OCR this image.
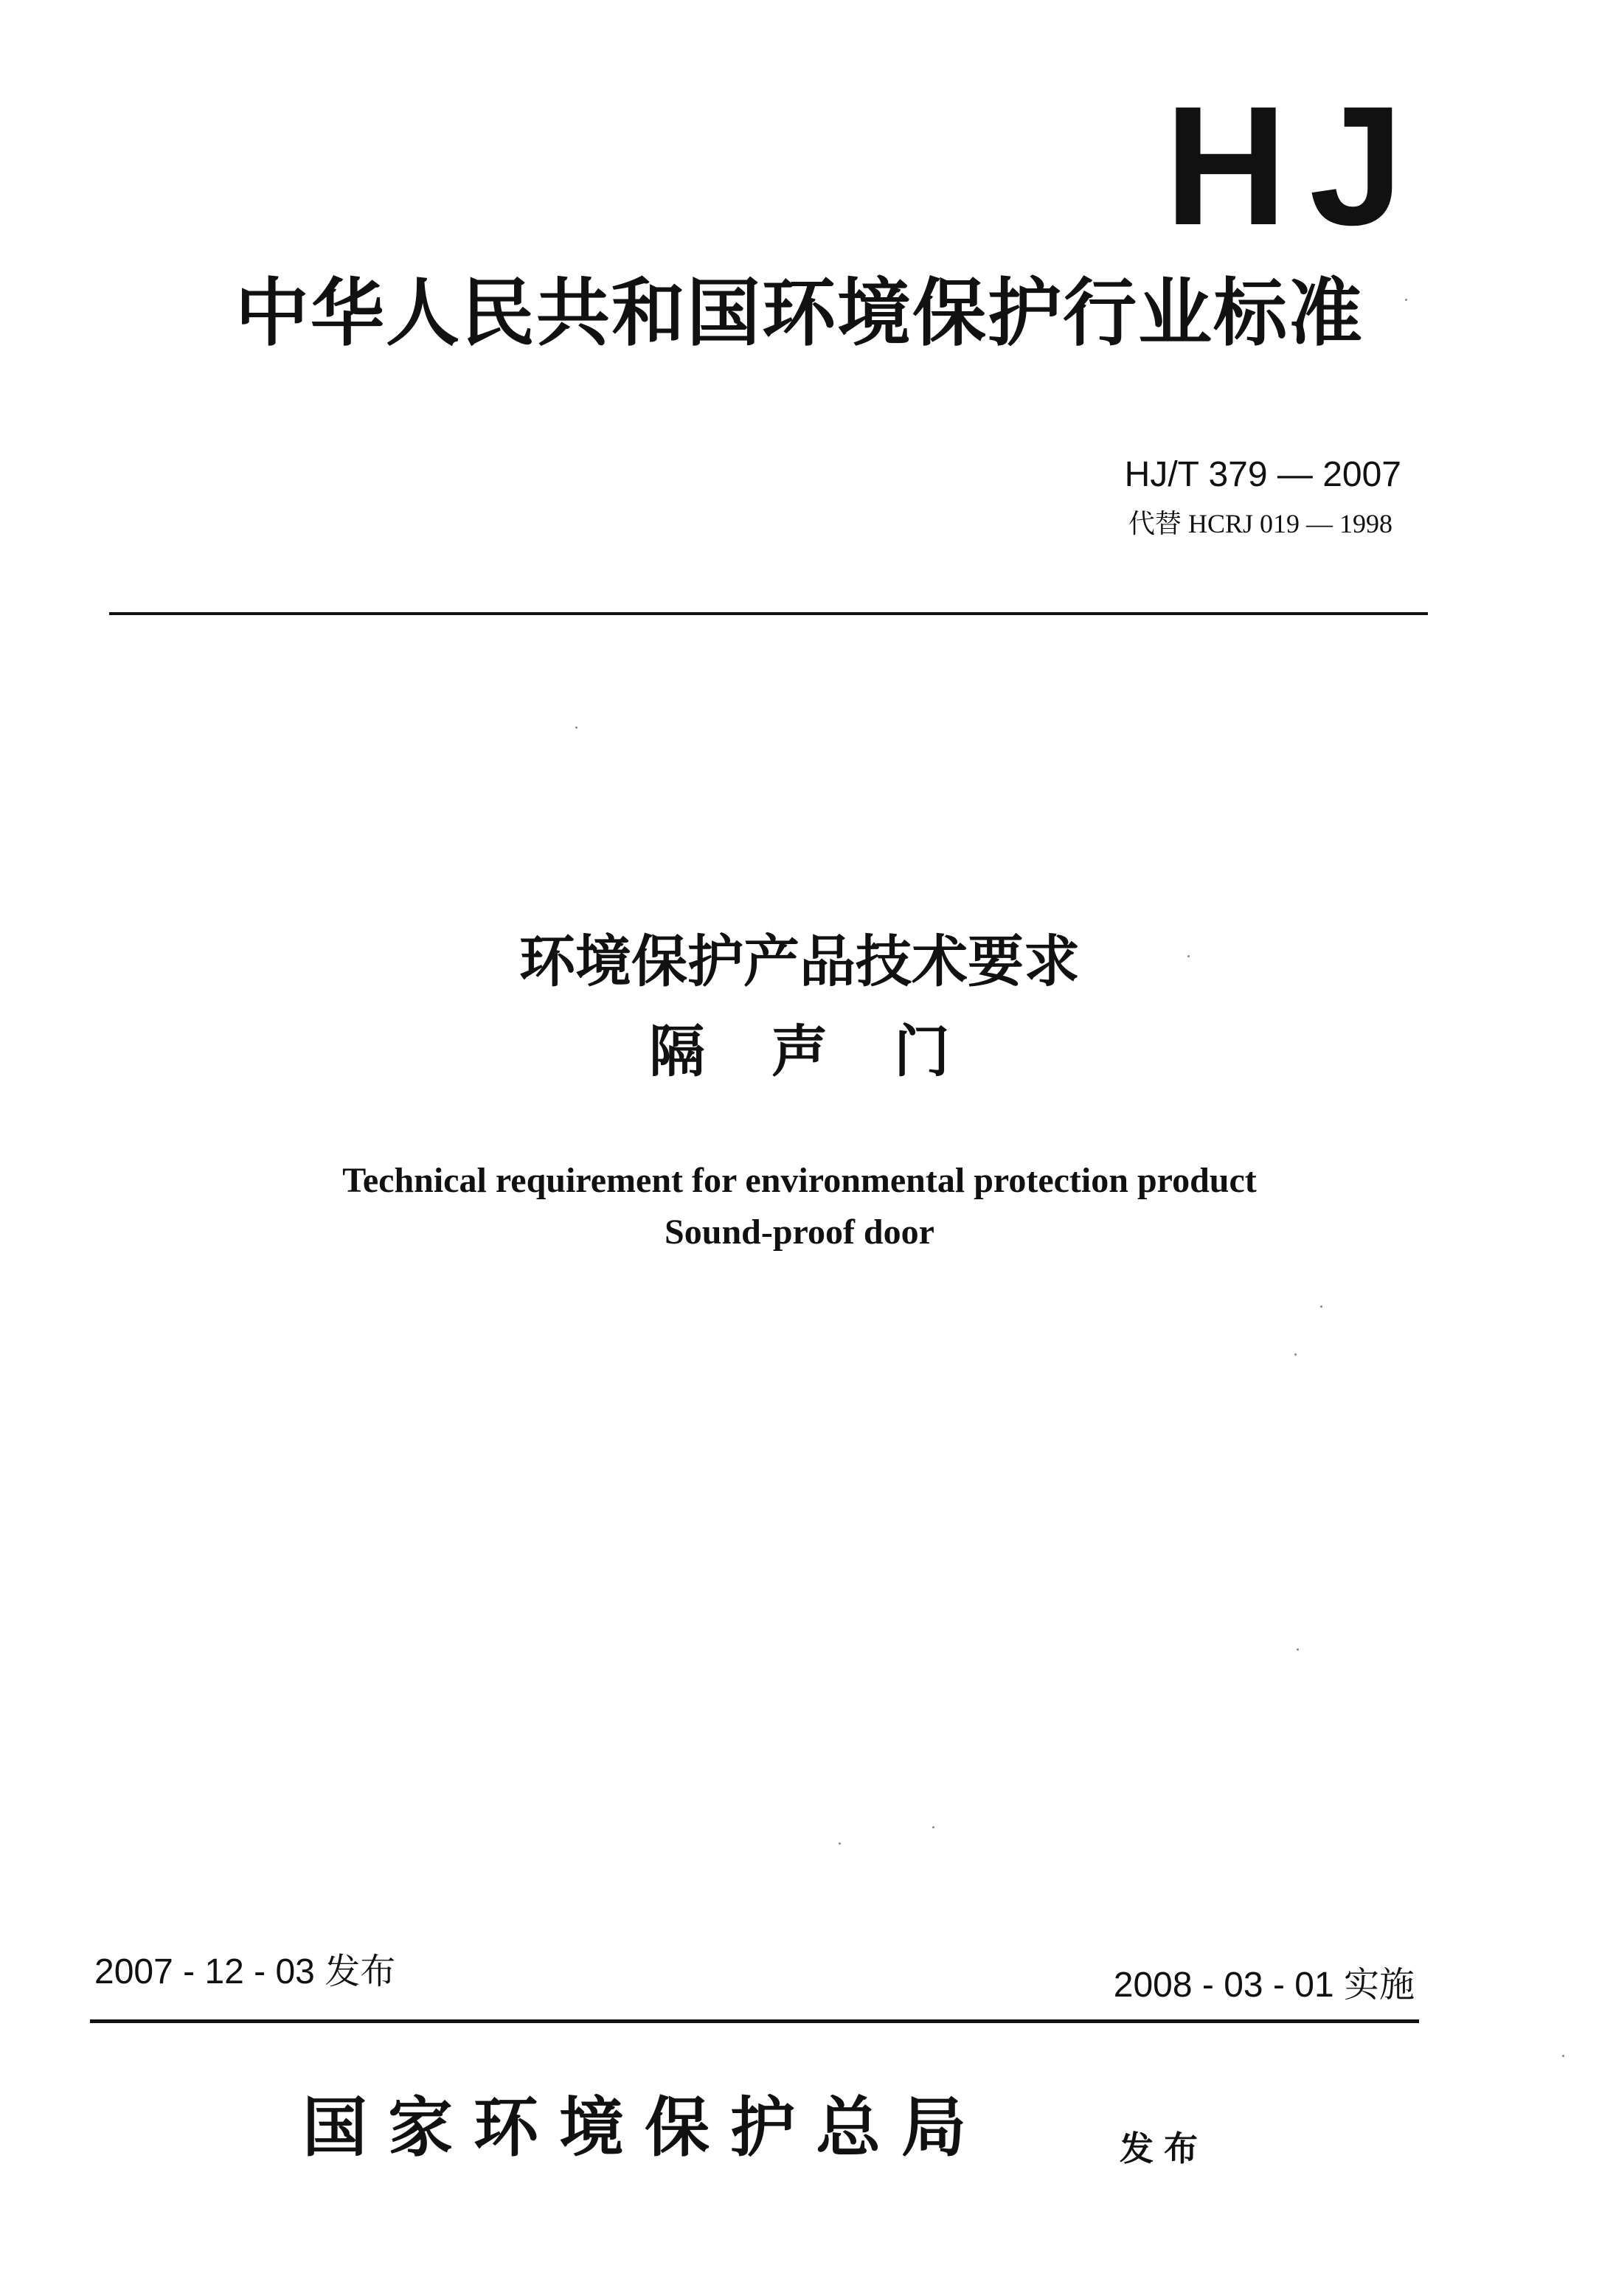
HJ
中华人民共和国环境保护行业标准
HJ/T 379 — 2007
代替 HCRJ 019 — 1998
环境保护产品技术要求
隔声门
Technical requirement for environmental protection product
Sound-proof door
2007 - 12 - 03 发布	2008 - 03 - 01 实施
国家环境保护总局	发布
